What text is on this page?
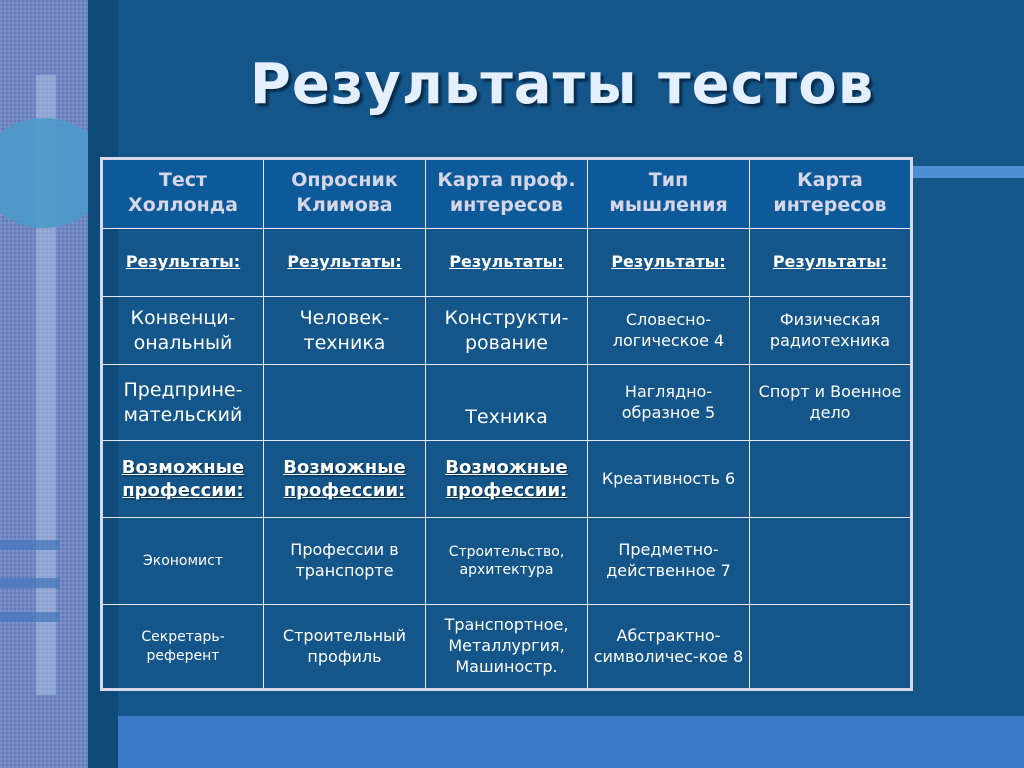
Результаты тестов
Тест Холлонда	Опросник Климова	Карта проф. интересов	Тип мышления	Карта интересов
Результаты:	Результаты:	Результаты:	Результаты:	Результаты:
Конвенци-ональный	Человек-техника	Конструкти-рование	Словесно-логическое 4	Физическая радиотехника
Предприне-мательский		Техника	Наглядно-образное 5	Спорт и Военное дело
Возможные профессии:	Возможные профессии:	Возможные профессии:	Креативность 6	
Экономист	Профессии в транспорте	Строительство, архитектура	Предметно-действенное 7	
Секретарь-референт	Строительный профиль	Транспортное, Металлургия, Машиностр.	Абстрактно-символичес-кое 8	
